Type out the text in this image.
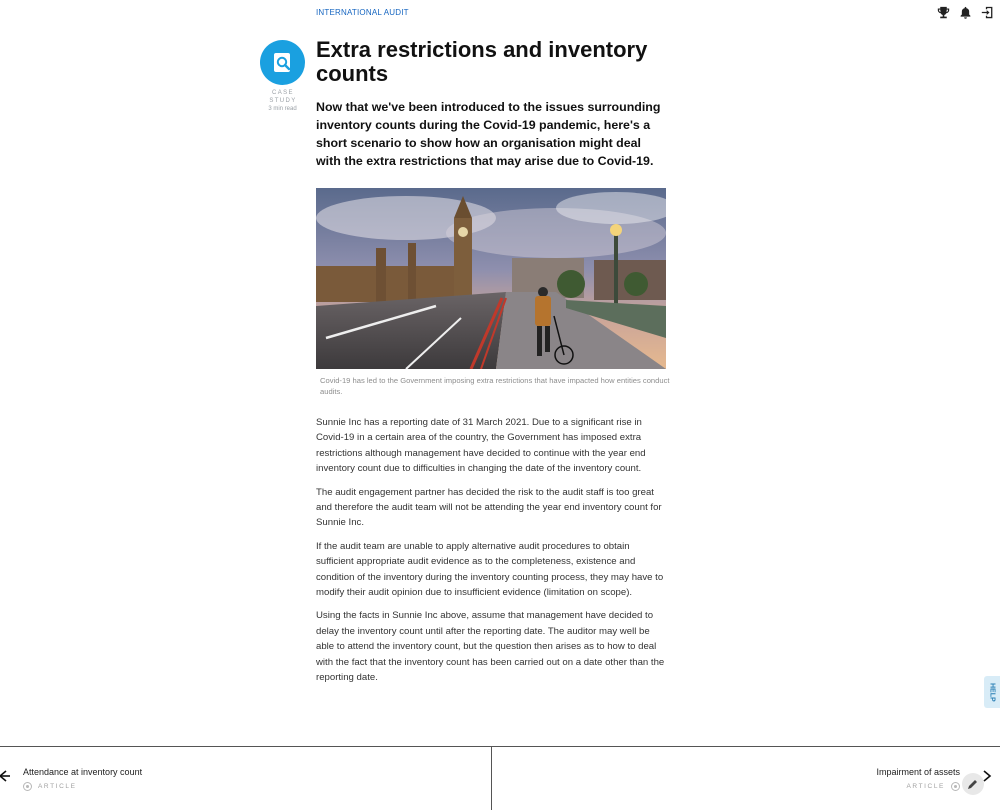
INTERNATIONAL AUDIT
CASE STUDY
3 min read
Extra restrictions and inventory counts

Now that we've been introduced to the issues surrounding inventory counts during the Covid-19 pandemic, here's a short scenario to show how an organisation might deal with the extra restrictions that may arise due to Covid-19.

Covid-19 has led to the Government imposing extra restrictions that have impacted how entities conduct audits.

Sunnie Inc has a reporting date of 31 March 2021. Due to a significant rise in Covid-19 in a certain area of the country, the Government has imposed extra restrictions although management have decided to continue with the year end inventory count due to difficulties in changing the date of the inventory count.

The audit engagement partner has decided the risk to the audit staff is too great and therefore the audit team will not be attending the year end inventory count for Sunnie Inc.

If the audit team are unable to apply alternative audit procedures to obtain sufficient appropriate audit evidence as to the completeness, existence and condition of the inventory during the inventory counting process, they may have to modify their audit opinion due to insufficient evidence (limitation on scope).

Using the facts in Sunnie Inc above, assume that management have decided to delay the inventory count until after the reporting date. The auditor may well be able to attend the inventory count, but the question then arises as to how to deal with the fact that the inventory count has been carried out on a date other than the reporting date.

HELP
Attendance at inventory count
ARTICLE
Impairment of assets
ARTICLE
